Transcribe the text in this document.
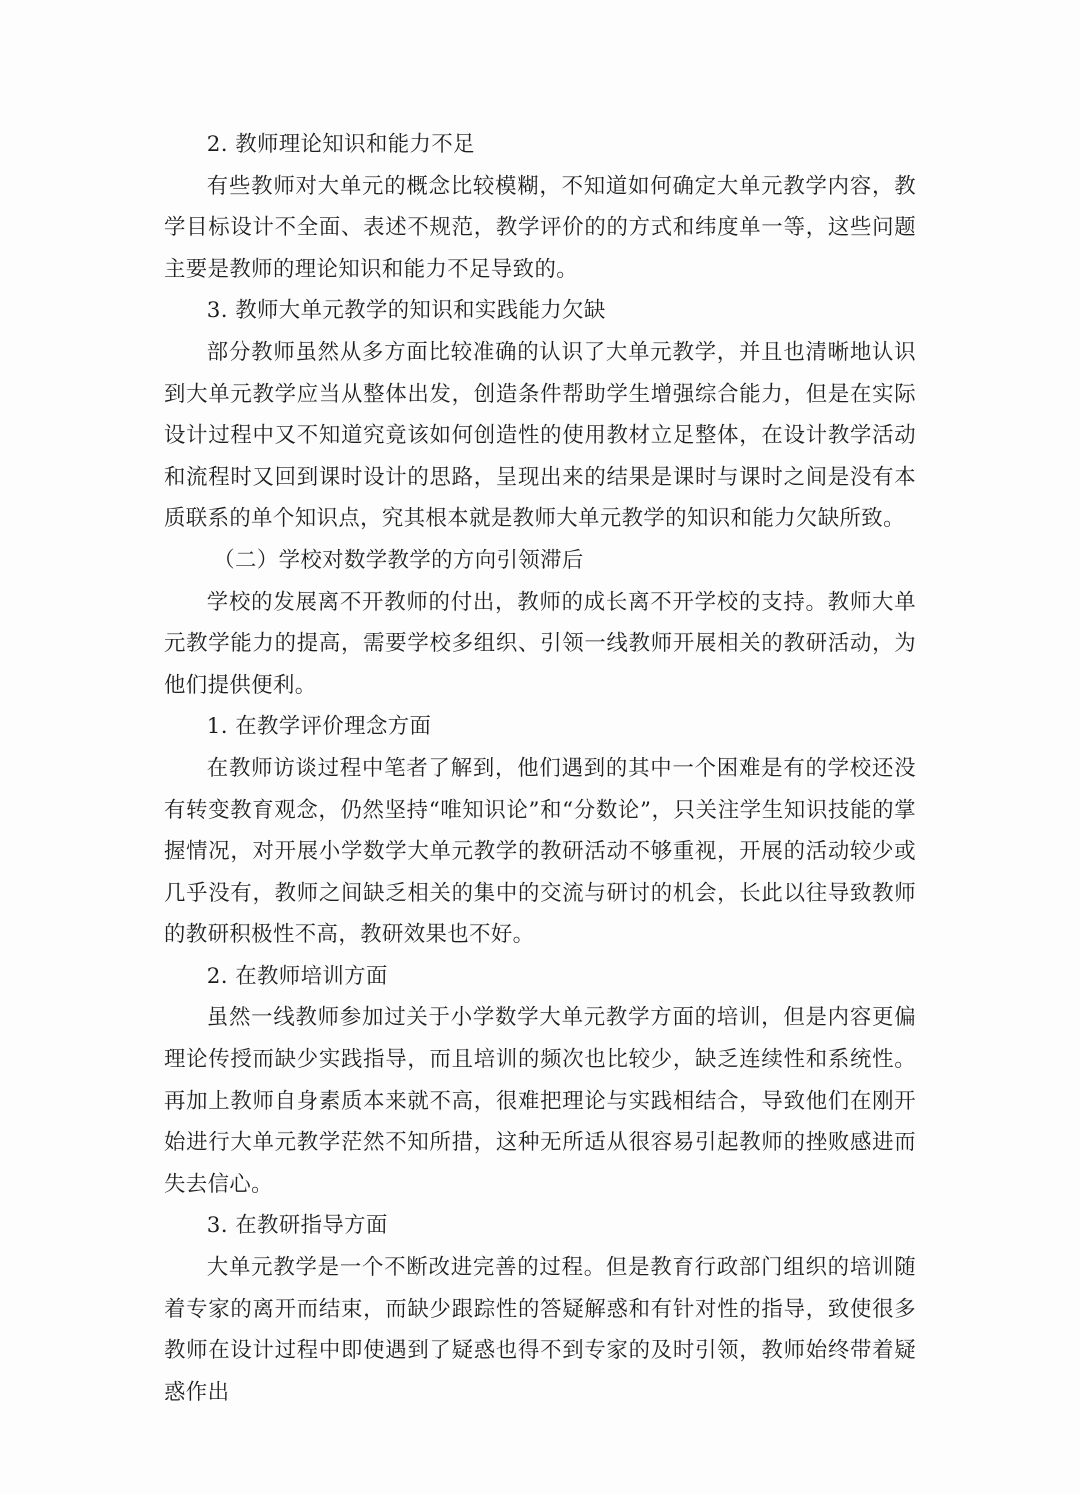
2. 教师理论知识和能力不足

有些教师对大单元的概念比较模糊，不知道如何确定大单元教学内容，教学目标设计不全面、表述不规范，教学评价的的方式和纬度单一等，这些问题主要是教师的理论知识和能力不足导致的。

3. 教师大单元教学的知识和实践能力欠缺

部分教师虽然从多方面比较准确的认识了大单元教学，并且也清晰地认识到大单元教学应当从整体出发，创造条件帮助学生增强综合能力，但是在实际设计过程中又不知道究竟该如何创造性的使用教材立足整体，在设计教学活动和流程时又回到课时设计的思路，呈现出来的结果是课时与课时之间是没有本质联系的单个知识点，究其根本就是教师大单元教学的知识和能力欠缺所致。

（二）学校对数学教学的方向引领滞后

学校的发展离不开教师的付出，教师的成长离不开学校的支持。教师大单元教学能力的提高，需要学校多组织、引领一线教师开展相关的教研活动，为他们提供便利。

1. 在教学评价理念方面

在教师访谈过程中笔者了解到，他们遇到的其中一个困难是有的学校还没有转变教育观念，仍然坚持“唯知识论”和“分数论”，只关注学生知识技能的掌握情况，对开展小学数学大单元教学的教研活动不够重视，开展的活动较少或几乎没有，教师之间缺乏相关的集中的交流与研讨的机会，长此以往导致教师的教研积极性不高，教研效果也不好。

2. 在教师培训方面

虽然一线教师参加过关于小学数学大单元教学方面的培训，但是内容更偏理论传授而缺少实践指导，而且培训的频次也比较少，缺乏连续性和系统性。再加上教师自身素质本来就不高，很难把理论与实践相结合，导致他们在刚开始进行大单元教学茫然不知所措，这种无所适从很容易引起教师的挫败感进而失去信心。

3. 在教研指导方面

大单元教学是一个不断改进完善的过程。但是教育行政部门组织的培训随着专家的离开而结束，而缺少跟踪性的答疑解惑和有针对性的指导，致使很多教师在设计过程中即使遇到了疑惑也得不到专家的及时引领，教师始终带着疑惑作出
